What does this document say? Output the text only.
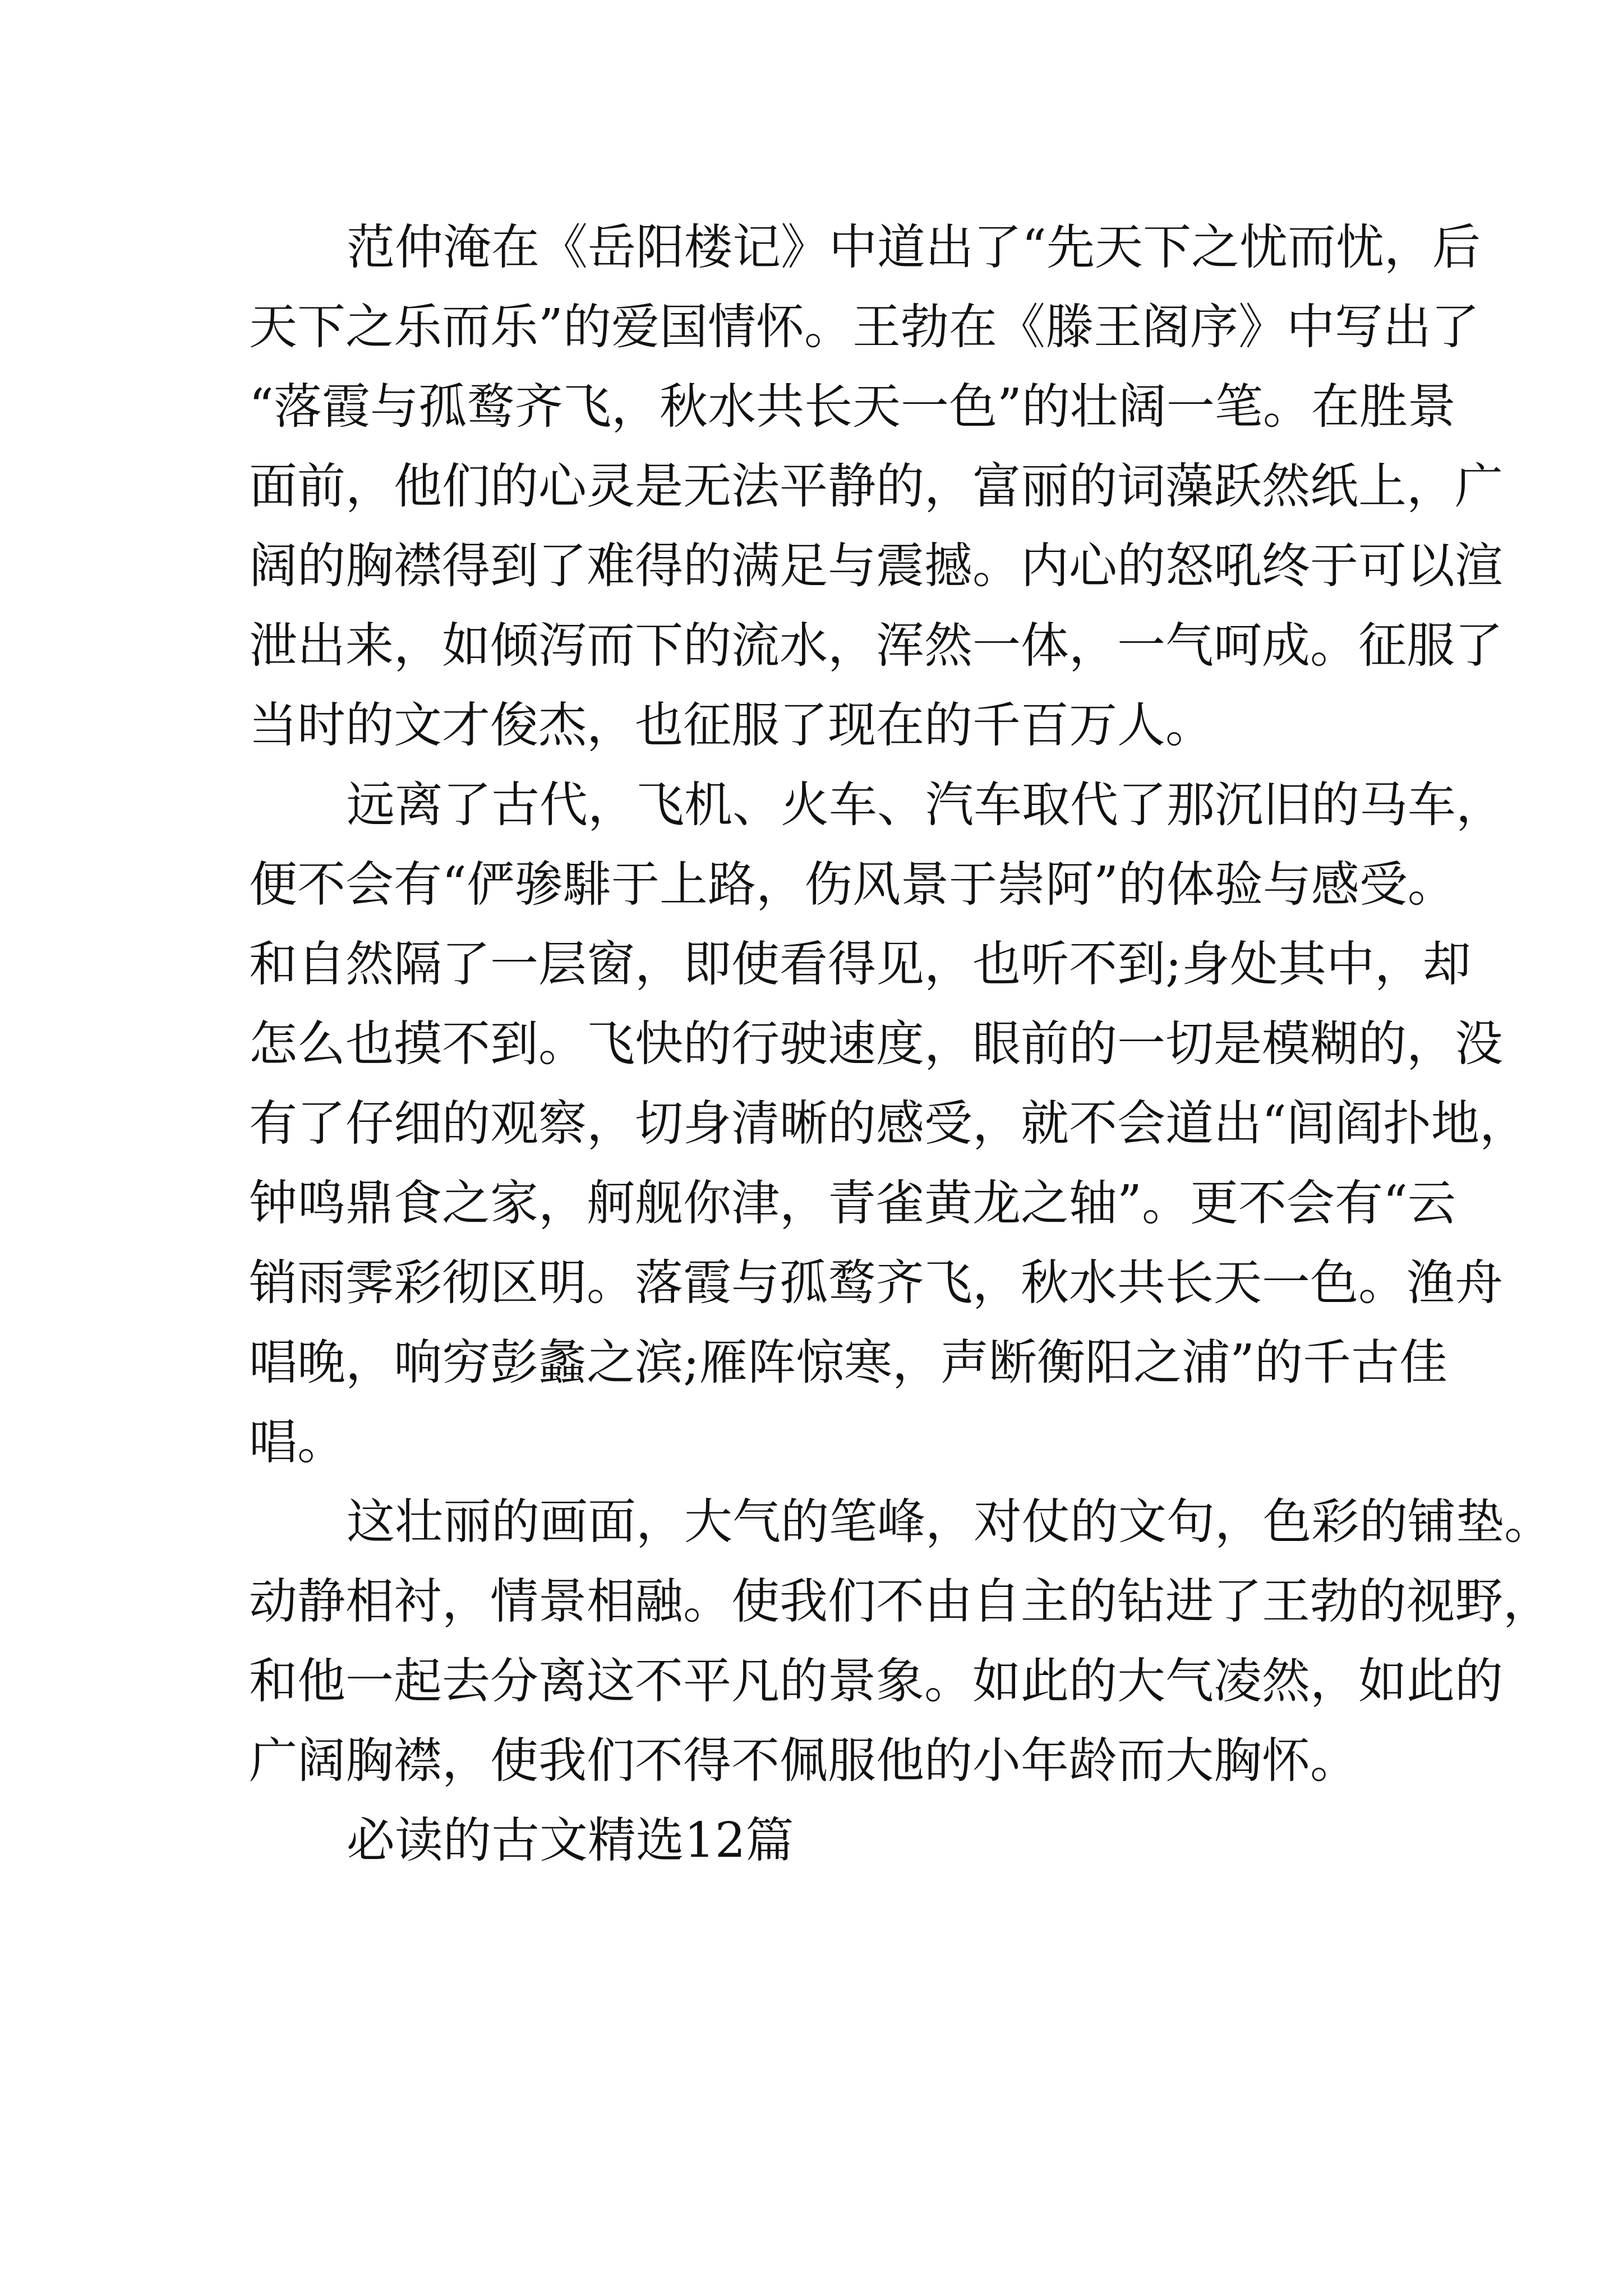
范仲淹在《岳阳楼记》中道出了“先天下之忧而忧，后
天下之乐而乐”的爱国情怀。王勃在《滕王阁序》中写出了
“落霞与孤鹜齐飞，秋水共长天一色”的壮阔一笔。在胜景
面前，他们的心灵是无法平静的，富丽的词藻跃然纸上，广
阔的胸襟得到了难得的满足与震撼。内心的怒吼终于可以渲
泄出来，如倾泻而下的流水，浑然一体，一气呵成。征服了
当时的文才俊杰，也征服了现在的千百万人。
远离了古代，飞机、火车、汽车取代了那沉旧的马车，
便不会有“俨骖騑于上路，伤风景于崇阿”的体验与感受。
和自然隔了一层窗，即使看得见，也听不到;身处其中，却
怎么也摸不到。飞快的行驶速度，眼前的一切是模糊的，没
有了仔细的观察，切身清晰的感受，就不会道出“闾阎扑地，
钟鸣鼎食之家，舸舰你津，青雀黄龙之轴”。更不会有“云
销雨霁彩彻区明。落霞与孤鹜齐飞，秋水共长天一色。渔舟
唱晚，响穷彭蠡之滨;雁阵惊寒，声断衡阳之浦”的千古佳
唱。
这壮丽的画面，大气的笔峰，对仗的文句，色彩的铺垫。
动静相衬，情景相融。使我们不由自主的钻进了王勃的视野，
和他一起去分离这不平凡的景象。如此的大气凌然，如此的
广阔胸襟，使我们不得不佩服他的小年龄而大胸怀。
必读的古文精选12篇
